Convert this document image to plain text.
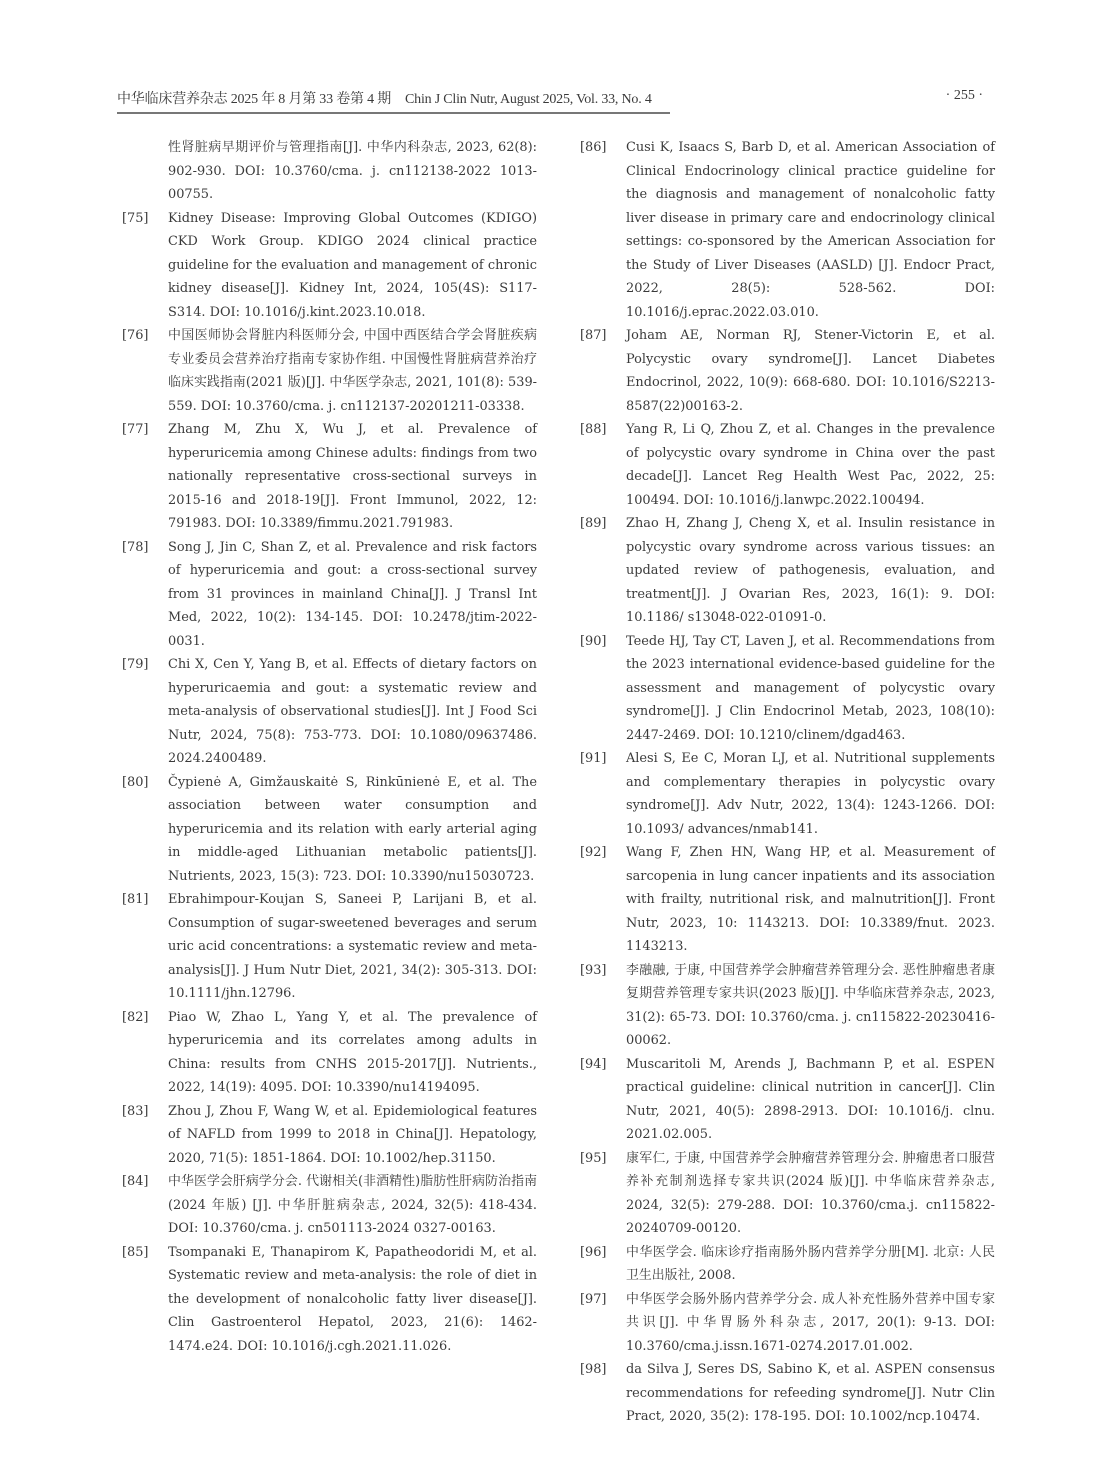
中华临床营养杂志 2025 年 8 月第 33 卷第 4 期 Chin J Clin Nutr, August 2025, Vol. 33, No. 4	· 255 ·
性肾脏病早期评价与管理指南[J]. 中华内科杂志, 2023, 62(8): 902-930. DOI: 10.3760/cma. j. cn112138-2022 1013-00755.
[75] Kidney Disease: Improving Global Outcomes (KDIGO) CKD Work Group. KDIGO 2024 clinical practice guideline for the evaluation and management of chronic kidney disease[J]. Kidney Int, 2024, 105(4S): S117-S314. DOI: 10.1016/j.kint.2023.10.018.
[76] 中国医师协会肾脏内科医师分会, 中国中西医结合学会肾脏疾病专业委员会营养治疗指南专家协作组. 中国慢性肾脏病营养治疗临床实践指南(2021 版)[J]. 中华医学杂志, 2021, 101(8): 539-559. DOI: 10.3760/cma. j. cn112137-20201211-03338.
[77] Zhang M, Zhu X, Wu J, et al. Prevalence of hyperuricemia among Chinese adults: findings from two nationally representative cross-sectional surveys in 2015-16 and 2018-19[J]. Front Immunol, 2022, 12: 791983. DOI: 10.3389/fimmu.2021.791983.
[78] Song J, Jin C, Shan Z, et al. Prevalence and risk factors of hyperuricemia and gout: a cross-sectional survey from 31 provinces in mainland China[J]. J Transl Int Med, 2022, 10(2): 134-145. DOI: 10.2478/jtim-2022-0031.
[79] Chi X, Cen Y, Yang B, et al. Effects of dietary factors on hyperuricaemia and gout: a systematic review and meta-analysis of observational studies[J]. Int J Food Sci Nutr, 2024, 75(8): 753-773. DOI: 10.1080/09637486. 2024.2400489.
[80] Čypienė A, Gimžauskaitė S, Rinkūnienė E, et al. The association between water consumption and hyperuricemia and its relation with early arterial aging in middle-aged Lithuanian metabolic patients[J]. Nutrients, 2023, 15(3): 723. DOI: 10.3390/nu15030723.
[81] Ebrahimpour-Koujan S, Saneei P, Larijani B, et al. Consumption of sugar-sweetened beverages and serum uric acid concentrations: a systematic review and meta-analysis[J]. J Hum Nutr Diet, 2021, 34(2): 305-313. DOI: 10.1111/jhn.12796.
[82] Piao W, Zhao L, Yang Y, et al. The prevalence of hyperuricemia and its correlates among adults in China: results from CNHS 2015-2017[J]. Nutrients., 2022, 14(19): 4095. DOI: 10.3390/nu14194095.
[83] Zhou J, Zhou F, Wang W, et al. Epidemiological features of NAFLD from 1999 to 2018 in China[J]. Hepatology, 2020, 71(5): 1851-1864. DOI: 10.1002/hep.31150.
[84] 中华医学会肝病学分会. 代谢相关(非酒精性)脂肪性肝病防治指南(2024 年版) [J]. 中华肝脏病杂志, 2024, 32(5): 418-434. DOI: 10.3760/cma. j. cn501113-2024 0327-00163.
[85] Tsompanaki E, Thanapirom K, Papatheodoridi M, et al. Systematic review and meta-analysis: the role of diet in the development of nonalcoholic fatty liver disease[J]. Clin Gastroenterol Hepatol, 2023, 21(6): 1462-1474.e24. DOI: 10.1016/j.cgh.2021.11.026.
[86] Cusi K, Isaacs S, Barb D, et al. American Association of Clinical Endocrinology clinical practice guideline for the diagnosis and management of nonalcoholic fatty liver disease in primary care and endocrinology clinical settings: co-sponsored by the American Association for the Study of Liver Diseases (AASLD) [J]. Endocr Pract, 2022, 28(5): 528-562. DOI: 10.1016/j.eprac.2022.03.010.
[87] Joham AE, Norman RJ, Stener-Victorin E, et al. Polycystic ovary syndrome[J]. Lancet Diabetes Endocrinol, 2022, 10(9): 668-680. DOI: 10.1016/S2213-8587(22)00163-2.
[88] Yang R, Li Q, Zhou Z, et al. Changes in the prevalence of polycystic ovary syndrome in China over the past decade[J]. Lancet Reg Health West Pac, 2022, 25: 100494. DOI: 10.1016/j.lanwpc.2022.100494.
[89] Zhao H, Zhang J, Cheng X, et al. Insulin resistance in polycystic ovary syndrome across various tissues: an updated review of pathogenesis, evaluation, and treatment[J]. J Ovarian Res, 2023, 16(1): 9. DOI: 10.1186/ s13048-022-01091-0.
[90] Teede HJ, Tay CT, Laven J, et al. Recommendations from the 2023 international evidence-based guideline for the assessment and management of polycystic ovary syndrome[J]. J Clin Endocrinol Metab, 2023, 108(10): 2447-2469. DOI: 10.1210/clinem/dgad463.
[91] Alesi S, Ee C, Moran LJ, et al. Nutritional supplements and complementary therapies in polycystic ovary syndrome[J]. Adv Nutr, 2022, 13(4): 1243-1266. DOI: 10.1093/ advances/nmab141.
[92] Wang F, Zhen HN, Wang HP, et al. Measurement of sarcopenia in lung cancer inpatients and its association with frailty, nutritional risk, and malnutrition[J]. Front Nutr, 2023, 10: 1143213. DOI: 10.3389/fnut. 2023. 1143213.
[93] 李融融, 于康, 中国营养学会肿瘤营养管理分会. 恶性肿瘤患者康复期营养管理专家共识(2023 版)[J]. 中华临床营养杂志, 2023, 31(2): 65-73. DOI: 10.3760/cma. j. cn115822-20230416-00062.
[94] Muscaritoli M, Arends J, Bachmann P, et al. ESPEN practical guideline: clinical nutrition in cancer[J]. Clin Nutr, 2021, 40(5): 2898-2913. DOI: 10.1016/j. clnu. 2021.02.005.
[95] 康军仁, 于康, 中国营养学会肿瘤营养管理分会. 肿瘤患者口服营养补充制剂选择专家共识(2024 版)[J]. 中华临床营养杂志, 2024, 32(5): 279-288. DOI: 10.3760/cma.j. cn115822-20240709-00120.
[96] 中华医学会. 临床诊疗指南肠外肠内营养学分册[M]. 北京: 人民卫生出版社, 2008.
[97] 中华医学会肠外肠内营养学分会. 成人补充性肠外营养中国专家共识[J]. 中华胃肠外科杂志, 2017, 20(1): 9-13. DOI: 10.3760/cma.j.issn.1671-0274.2017.01.002.
[98] da Silva J, Seres DS, Sabino K, et al. ASPEN consensus recommendations for refeeding syndrome[J]. Nutr Clin Pract, 2020, 35(2): 178-195. DOI: 10.1002/ncp.10474.
